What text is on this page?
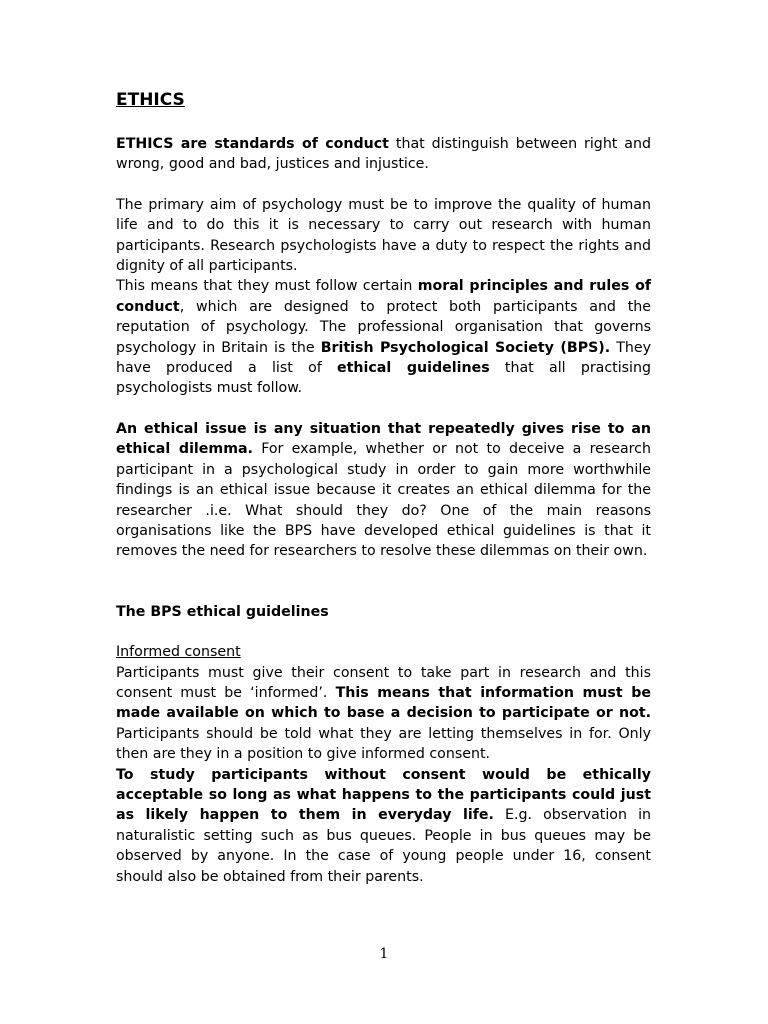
ETHICS

ETHICS are standards of conduct that distinguish between right and wrong, good and bad, justices and injustice.

The primary aim of psychology must be to improve the quality of human life and to do this it is necessary to carry out research with human participants. Research psychologists have a duty to respect the rights and dignity of all participants.

This means that they must follow certain moral principles and rules of conduct, which are designed to protect both participants and the reputation of psychology. The professional organisation that governs psychology in Britain is the British Psychological Society (BPS). They have produced a list of ethical guidelines that all practising psychologists must follow.

An ethical issue is any situation that repeatedly gives rise to an ethical dilemma. For example, whether or not to deceive a research participant in a psychological study in order to gain more worthwhile findings is an ethical issue because it creates an ethical dilemma for the researcher .i.e. What should they do? One of the main reasons organisations like the BPS have developed ethical guidelines is that it removes the need for researchers to resolve these dilemmas on their own.

The BPS ethical guidelines

Informed consent

Participants must give their consent to take part in research and this consent must be ‘informed’. This means that information must be made available on which to base a decision to participate or not. Participants should be told what they are letting themselves in for. Only then are they in a position to give informed consent.

To study participants without consent would be ethically acceptable so long as what happens to the participants could just as likely happen to them in everyday life. E.g. observation in naturalistic setting such as bus queues. People in bus queues may be observed by anyone. In the case of young people under 16, consent should also be obtained from their parents.

1
